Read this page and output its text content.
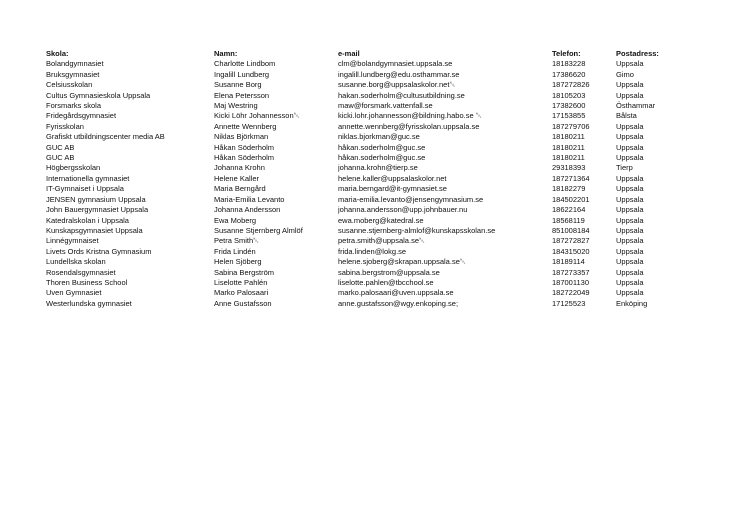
Skola:	Namn:	e-mail	Telefon:	Postadress:
Bolandgymnasiet	Charlotte Lindbom	clm@bolandgymnasiet.uppsala.se	18183228	Uppsala
Bruksgymnasiet	Ingalill Lundberg	ingalill.lundberg@edu.osthammar.se	17386620	Gimo
Celsiusskolan	Susanne Borg	susanne.borg@uppsalaskolor.net␀	187272826	Uppsala
Cultus Gymnasieskola Uppsala	Elena Petersson	hakan.soderholm@cultusutbildning.se	18105203	Uppsala
Forsmarks skola	Maj Westring	maw@forsmark.vattenfall.se	17382600	Östhammar
Fridegårdsgymnasiet	Kicki Löhr Johannesson␀	kicki.lohr.johannesson@bildning.habo.se ␀	17153855	Bålsta
Fyrisskolan	Annette Wennberg	annette.wennberg@fyrisskolan.uppsala.se	187279706	Uppsala
Grafiskt utbildningscenter media AB	Niklas Björkman	niklas.bjorkman@guc.se	18180211	Uppsala
GUC AB	Håkan Söderholm	håkan.soderholm@guc.se	18180211	Uppsala
GUC AB	Håkan Söderholm	håkan.soderholm@guc.se	18180211	Uppsala
Högbergsskolan	Johanna Krohn	johanna.krohn@tierp.se	29318393	Tierp
Internationella gymnasiet	Helene Kaller	helene.kaller@uppsalaskolor.net	187271364	Uppsala
IT-Gymnaiset i Uppsala	Maria Berngård	maria.berngard@it-gymnasiet.se	18182279	Uppsala
JENSEN gymnasium Uppsala	Maria-Emilia Levanto	maria-emilia.levanto@jensengymnasium.se	184502201	Uppsala
John Bauergymnasiet Uppsala	Johanna Andersson	johanna.andersson@upp.johnbauer.nu	18622164	Uppsala
Katedralskolan i Uppsala	Ewa Moberg	ewa.moberg@katedral.se	18568119	Uppsala
Kunskapsgymnasiet Uppsala	Susanne Stjernberg Almlöf	susanne.stjernberg-almlof@kunskapsskolan.se	851008184	Uppsala
Linnégymnaiset	Petra Smith␀	petra.smith@uppsala.se␀	187272827	Uppsala
Livets Ords Kristna Gymnasium	Frida Lindén	frida.linden@lokg.se	184315020	Uppsala
Lundellska skolan	Helen Sjöberg	helene.sjoberg@skrapan.uppsala.se␀	18189114	Uppsala
Rosendalsgymnasiet	Sabina Bergström	sabina.bergstrom@uppsala.se	187273357	Uppsala
Thoren Business School	Liselotte Pahlén	liselotte.pahlen@tbcchool.se	187001130	Uppsala
Uven Gymnasiet	Marko Palosaari	marko.palosaari@uven.uppsala.se	182722049	Uppsala
Westerlundska gymnasiet	Anne Gustafsson	anne.gustafsson@wgy.enkoping.se;	17125523	Enköping
